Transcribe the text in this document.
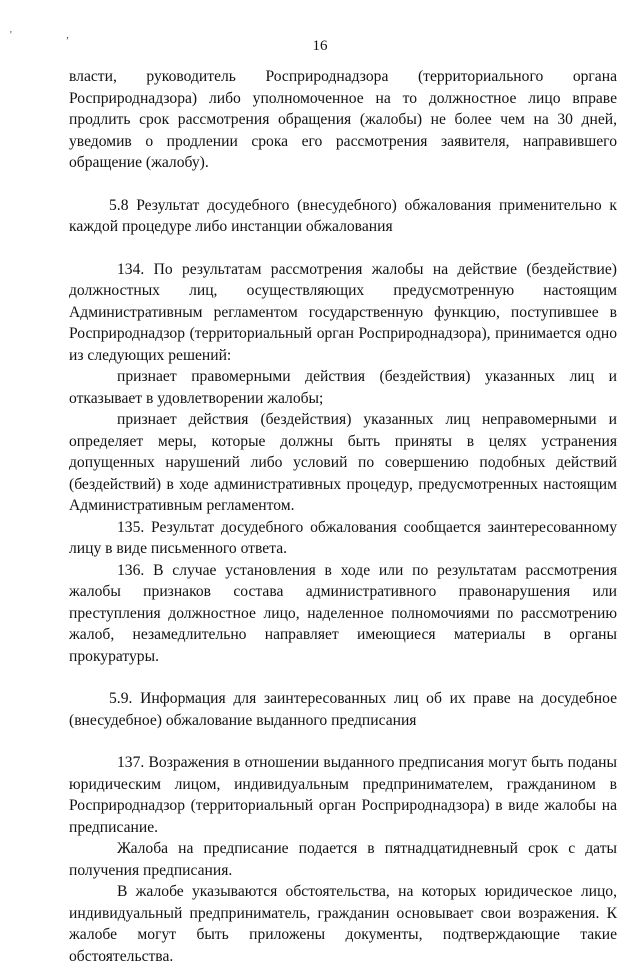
' ,
16

власти, руководитель Росприроднадзора (территориального органа Росприроднадзора) либо уполномоченное на то должностное лицо вправе продлить срок рассмотрения обращения (жалобы) не более чем на 30 дней, уведомив о продлении срока его рассмотрения заявителя, направившего обращение (жалобу).

5.8 Результат досудебного (внесудебного) обжалования применительно к каждой процедуре либо инстанции обжалования

134. По результатам рассмотрения жалобы на действие (бездействие) должностных лиц, осуществляющих предусмотренную настоящим Административным регламентом государственную функцию, поступившее в Росприроднадзор (территориальный орган Росприроднадзора), принимается одно из следующих решений:

признает правомерными действия (бездействия) указанных лиц и отказывает в удовлетворении жалобы;

признает действия (бездействия) указанных лиц неправомерными и определяет меры, которые должны быть приняты в целях устранения допущенных нарушений либо условий по совершению подобных действий (бездействий) в ходе административных процедур, предусмотренных настоящим Административным регламентом.

135. Результат досудебного обжалования сообщается заинтересованному лицу в виде письменного ответа.

136. В случае установления в ходе или по результатам рассмотрения жалобы признаков состава административного правонарушения или преступления должностное лицо, наделенное полномочиями по рассмотрению жалоб, незамедлительно направляет имеющиеся материалы в органы прокуратуры.

5.9. Информация для заинтересованных лиц об их праве на досудебное (внесудебное) обжалование выданного предписания

137. Возражения в отношении выданного предписания могут быть поданы юридическим лицом, индивидуальным предпринимателем, гражданином в Росприроднадзор (территориальный орган Росприроднадзора) в виде жалобы на предписание.

Жалоба на предписание подается в пятнадцатидневный срок с даты получения предписания.

В жалобе указываются обстоятельства, на которых юридическое лицо, индивидуальный предприниматель, гражданин основывает свои возражения. К жалобе могут быть приложены документы, подтверждающие такие обстоятельства.
